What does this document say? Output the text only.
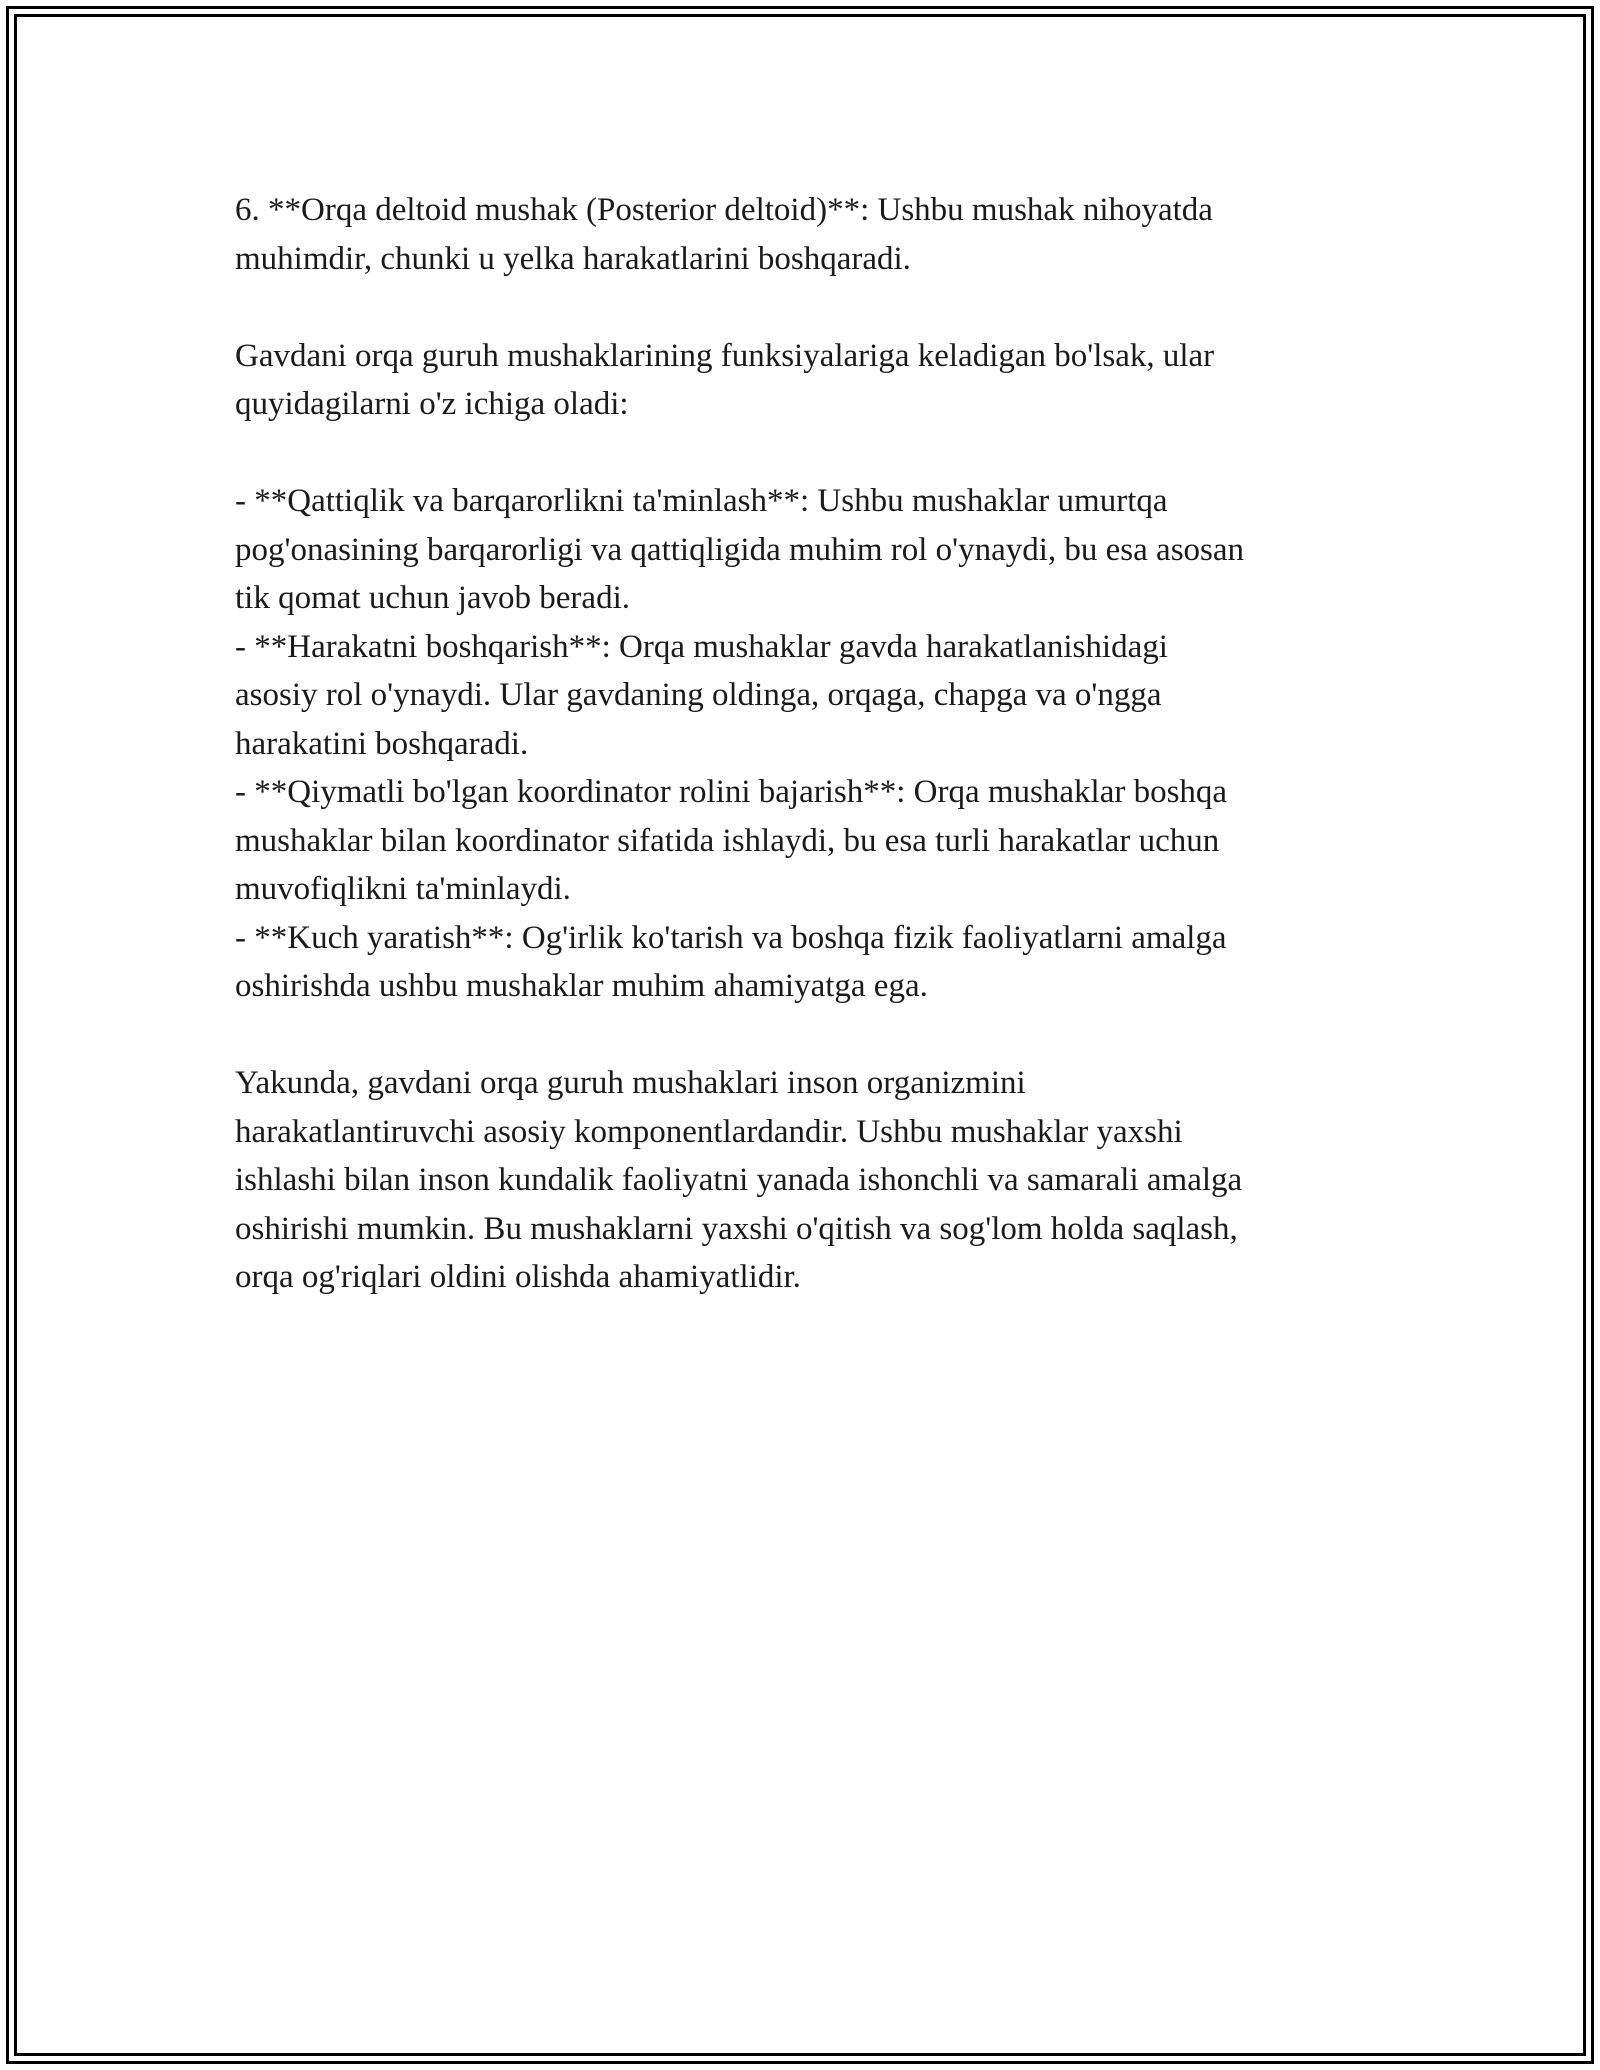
6. **Orqa deltoid mushak (Posterior deltoid)**: Ushbu mushak nihoyatda
muhimdir, chunki u yelka harakatlarini boshqaradi.
Gavdani orqa guruh mushaklarining funksiyalariga keladigan bo'lsak, ular
quyidagilarni o'z ichiga oladi:
- **Qattiqlik va barqarorlikni ta'minlash**: Ushbu mushaklar umurtqa
pog'onasining barqarorligi va qattiqligida muhim rol o'ynaydi, bu esa asosan
tik qomat uchun javob beradi.
- **Harakatni boshqarish**: Orqa mushaklar gavda harakatlanishidagi
asosiy rol o'ynaydi. Ular gavdaning oldinga, orqaga, chapga va o'ngga
harakatini boshqaradi.
- **Qiymatli bo'lgan koordinator rolini bajarish**: Orqa mushaklar boshqa
mushaklar bilan koordinator sifatida ishlaydi, bu esa turli harakatlar uchun
muvofiqlikni ta'minlaydi.
- **Kuch yaratish**: Og'irlik ko'tarish va boshqa fizik faoliyatlarni amalga
oshirishda ushbu mushaklar muhim ahamiyatga ega.
Yakunda, gavdani orqa guruh mushaklari inson organizmini
harakatlantiruvchi asosiy komponentlardandir. Ushbu mushaklar yaxshi
ishlashi bilan inson kundalik faoliyatni yanada ishonchli va samarali amalga
oshirishi mumkin. Bu mushaklarni yaxshi o'qitish va sog'lom holda saqlash,
orqa og'riqlari oldini olishda ahamiyatlidir.
